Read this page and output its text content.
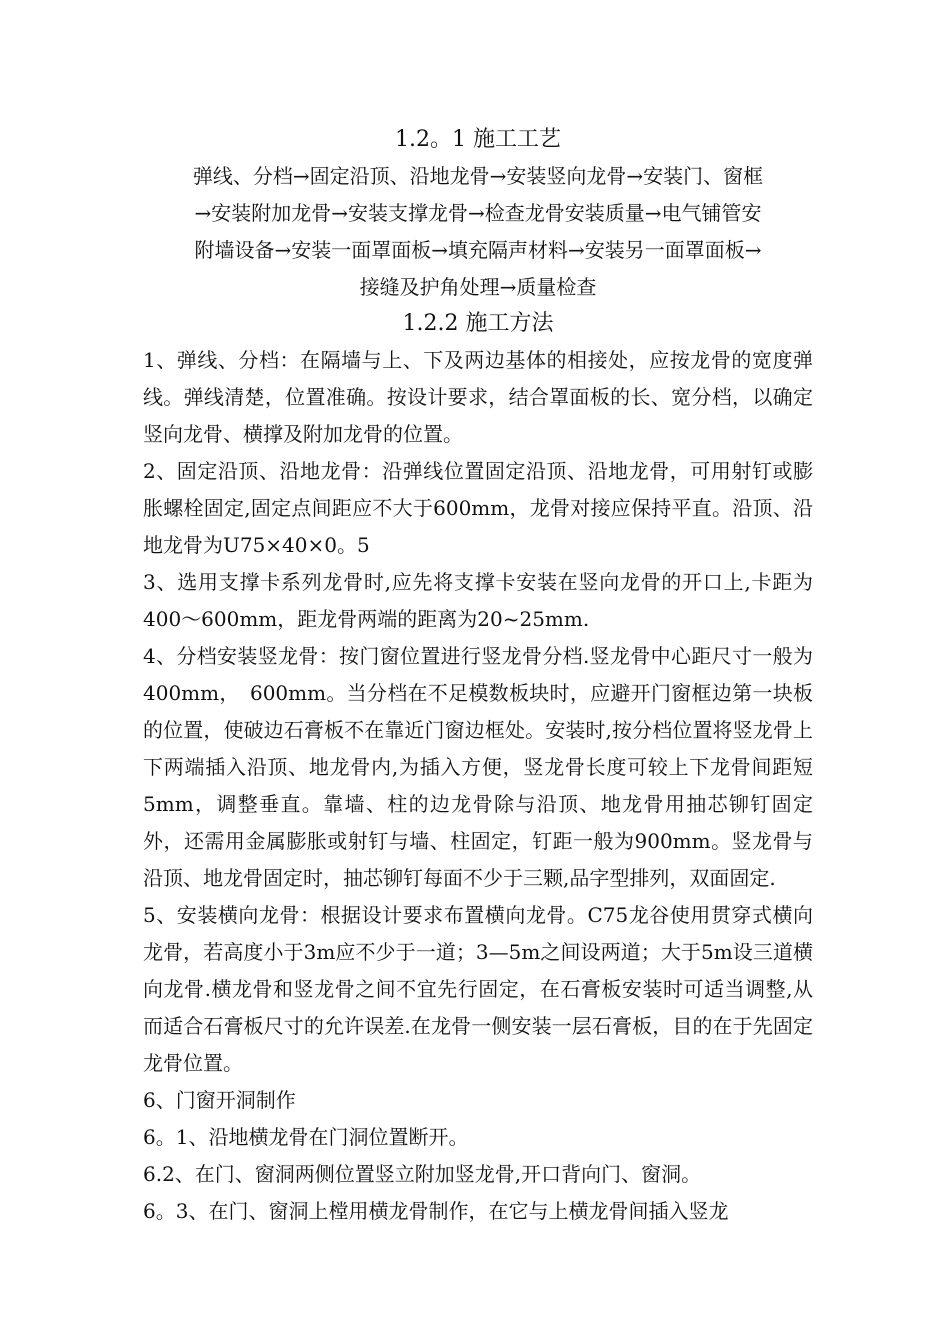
1.2。1 施工工艺

弹线、分档→固定沿顶、沿地龙骨→安装竖向龙骨→安装门、窗框

→安装附加龙骨→安装支撑龙骨→检查龙骨安装质量→电气铺管安

附墙设备→安装一面罩面板→填充隔声材料→安装另一面罩面板→

接缝及护角处理→质量检查

1.2.2 施工方法

1、弹线、分档：在隔墙与上、下及两边基体的相接处，应按龙骨的宽度弹线。弹线清楚，位置准确。按设计要求，结合罩面板的长、宽分档，以确定竖向龙骨、横撑及附加龙骨的位置。

2、固定沿顶、沿地龙骨：沿弹线位置固定沿顶、沿地龙骨，可用射钉或膨胀螺栓固定,固定点间距应不大于600mm，龙骨对接应保持平直。沿顶、沿地龙骨为U75×40×0。5

3、选用支撑卡系列龙骨时,应先将支撑卡安装在竖向龙骨的开口上,卡距为400～600mm，距龙骨两端的距离为20~25mm.

4、分档安装竖龙骨：按门窗位置进行竖龙骨分档.竖龙骨中心距尺寸一般为400mm，　600mm。当分档在不足模数板块时，应避开门窗框边第一块板的位置，使破边石膏板不在靠近门窗边框处。安装时,按分档位置将竖龙骨上下两端插入沿顶、地龙骨内,为插入方便，竖龙骨长度可较上下龙骨间距短5mm，调整垂直。靠墙、柱的边龙骨除与沿顶、地龙骨用抽芯铆钉固定外，还需用金属膨胀或射钉与墙、柱固定，钉距一般为900mm。竖龙骨与沿顶、地龙骨固定时，抽芯铆钉每面不少于三颗,品字型排列，双面固定.

5、安装横向龙骨：根据设计要求布置横向龙骨。C75龙谷使用贯穿式横向龙骨，若高度小于3m应不少于一道；3—5m之间设两道；大于5m设三道横向龙骨.横龙骨和竖龙骨之间不宜先行固定，在石膏板安装时可适当调整,从而适合石膏板尺寸的允许误差.在龙骨一侧安装一层石膏板，目的在于先固定龙骨位置。

6、门窗开洞制作

6。1、沿地横龙骨在门洞位置断开。

6.2、在门、窗洞两侧位置竖立附加竖龙骨,开口背向门、窗洞。

6。3、在门、窗洞上樘用横龙骨制作，在它与上横龙骨间插入竖龙
